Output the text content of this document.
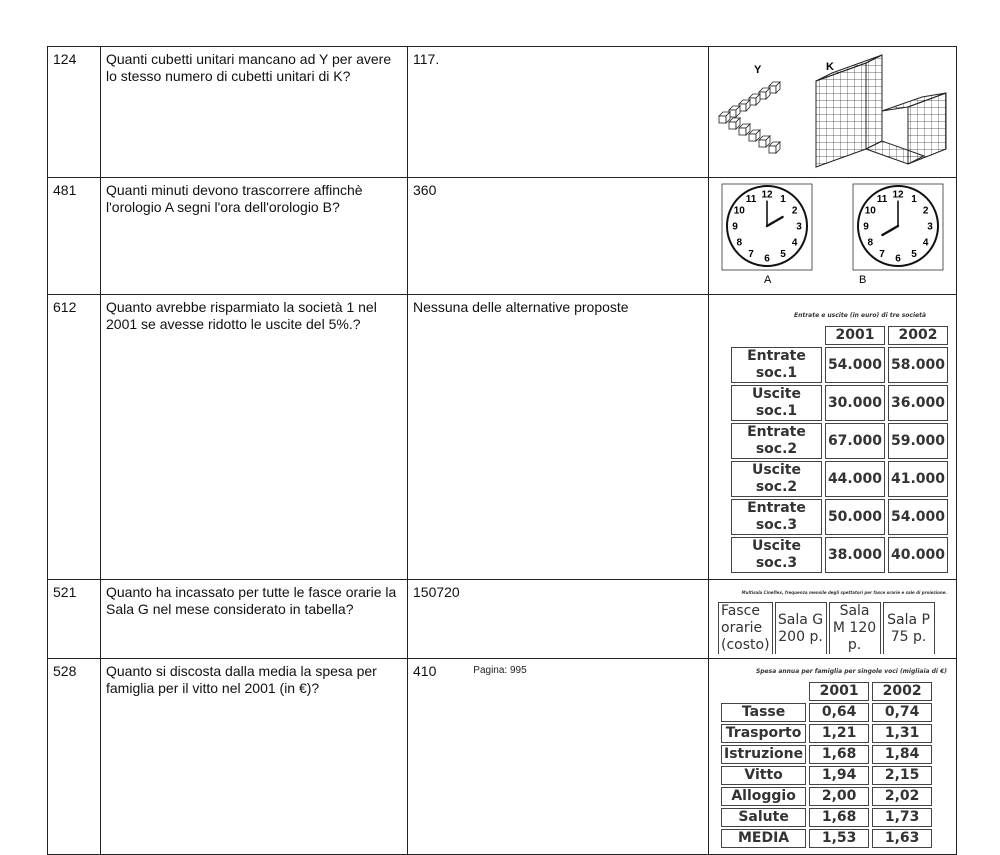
124	Quanti cubetti unitari mancano ad Y per avere lo stesso numero di cubetti unitari di K?	117.	
Y	K

481	Quanti minuti devono trascorrere affinchè l'orologio A segni l'ora dell'orologio B?	360	12 1
2
3
4
5
6
7
8
9
10
11	12 1
2
3
4
5
6
7
8
9
10
11
A	B

612	Quanto avrebbe risparmiato la società 1 nel 2001 se avesse ridotto le uscite del 5%.?	Nessuna delle alternative proposte	
Entrate e uscite (in euro) di tre società
	2001	2002
Entrate soc.1	54.000	58.000
Uscite soc.1	30.000	36.000
Entrate soc.2	67.000	59.000
Uscite soc.2	44.000	41.000
Entrate soc.3	50.000	54.000
Uscite soc.3	38.000	40.000

521	Quanto ha incassato per tutte le fasce orarie la Sala G nel mese considerato in tabella?	150720	Multisala Cineflex, frequenza mensile degli spettatori per fasce orarie e sale di proiezione.
Fasce orarie (costo)	Sala G 200 p.	Sala M 120 p.	Sala P 75 p.

528	Quanto si discosta dalla media la spesa per famiglia per il vitto nel 2001 (in €)?	410	Spesa annua per famiglia per singole voci (migliaia di €)
	2001	2002
Tasse	0,64	0,74
Trasporto	1,21	1,31
Istruzione	1,68	1,84
Vitto	1,94	2,15
Alloggio	2,00	2,02
Salute	1,68	1,73
MEDIA	1,53	1,63
Pagina: 995
